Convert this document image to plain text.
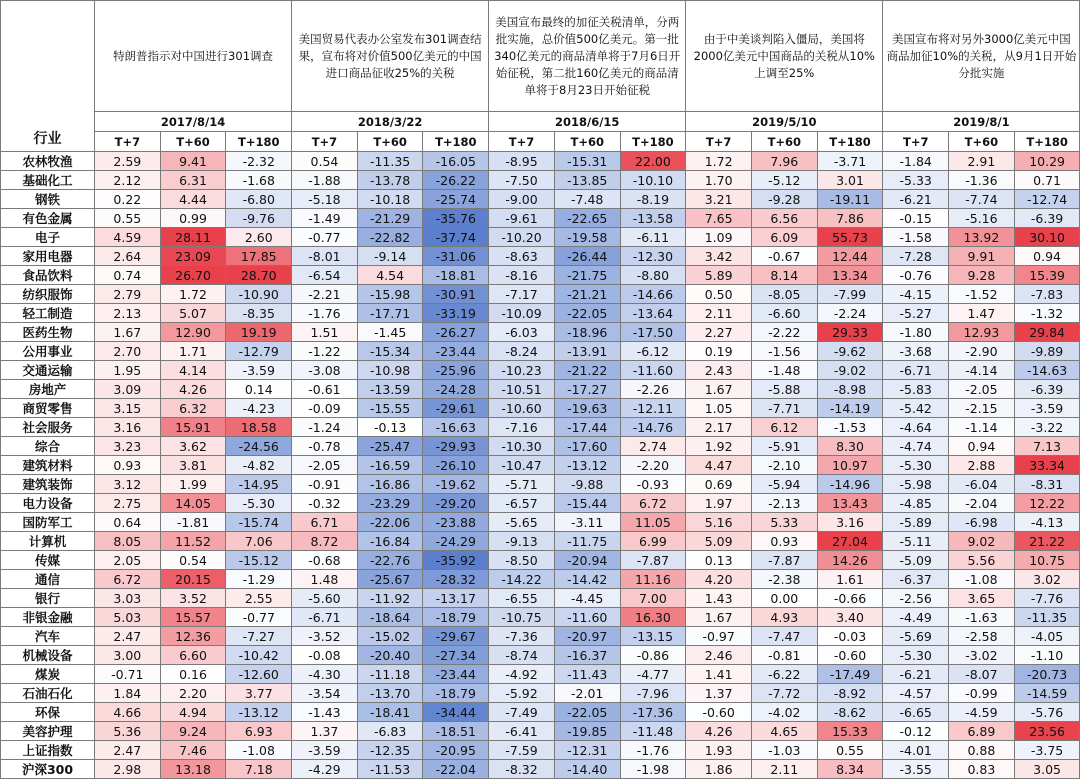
行业	特朗普指示对中国进行301调查			美国贸易代表办公室发布301调查结果，宣布将对价值500亿美元的中国进口商品征收25%的关税			美国宣布最终的加征关税清单，分两批实施，总价值500亿美元。第一批340亿美元的商品清单将于7月6日开始征税，第二批160亿美元的商品清单将于8月23日开始征税			由于中美谈判陷入僵局，美国将2000亿美元中国商品的关税从10%上调至25%			美国宣布将对另外3000亿美元中国商品加征10%的关税，从9月1日开始分批实施		
	2017/8/14			2018/3/22			2018/6/15			2019/5/10			2019/8/1		
	T+7	T+60	T+180	T+7	T+60	T+180	T+7	T+60	T+180	T+7	T+60	T+180	T+7	T+60	T+180
农林牧渔	2.59	9.41	-2.32	0.54	-11.35	-16.05	-8.95	-15.31	22.00	1.72	7.96	-3.71	-1.84	2.91	10.29
基础化工	2.12	6.31	-1.68	-1.88	-13.78	-26.22	-7.50	-13.85	-10.10	1.70	-5.12	3.01	-5.33	-1.36	0.71
钢铁	0.22	4.44	-6.80	-5.18	-10.18	-25.74	-9.00	-7.48	-8.19	3.21	-9.28	-19.11	-6.21	-7.74	-12.74
有色金属	0.55	0.99	-9.76	-1.49	-21.29	-35.76	-9.61	-22.65	-13.58	7.65	6.56	7.86	-0.15	-5.16	-6.39
电子	4.59	28.11	2.60	-0.77	-22.82	-37.74	-10.20	-19.58	-6.11	1.09	6.09	55.73	-1.58	13.92	30.10
家用电器	2.64	23.09	17.85	-8.01	-9.14	-31.06	-8.63	-26.44	-12.30	3.42	-0.67	12.44	-7.28	9.91	0.94
食品饮料	0.74	26.70	28.70	-6.54	4.54	-18.81	-8.16	-21.75	-8.80	5.89	8.14	13.34	-0.76	9.28	15.39
纺织服饰	2.79	1.72	-10.90	-2.21	-15.98	-30.91	-7.17	-21.21	-14.66	0.50	-8.05	-7.99	-4.15	-1.52	-7.83
轻工制造	2.13	5.07	-8.35	-1.76	-17.71	-33.19	-10.09	-22.05	-13.64	2.11	-6.60	-2.24	-5.27	1.47	-1.32
医药生物	1.67	12.90	19.19	1.51	-1.45	-26.27	-6.03	-18.96	-17.50	2.27	-2.22	29.33	-1.80	12.93	29.84
公用事业	2.70	1.71	-12.79	-1.22	-15.34	-23.44	-8.24	-13.91	-6.12	0.19	-1.56	-9.62	-3.68	-2.90	-9.89
交通运输	1.95	4.14	-3.59	-3.08	-10.98	-25.96	-10.23	-21.22	-11.60	2.43	-1.48	-9.02	-6.71	-4.14	-14.63
房地产	3.09	4.26	0.14	-0.61	-13.59	-24.28	-10.51	-17.27	-2.26	1.67	-5.88	-8.98	-5.83	-2.05	-6.39
商贸零售	3.15	6.32	-4.23	-0.09	-15.55	-29.61	-10.60	-19.63	-12.11	1.05	-7.71	-14.19	-5.42	-2.15	-3.59
社会服务	3.16	15.91	18.58	-1.24	-0.13	-16.63	-7.16	-17.44	-14.76	2.17	6.12	-1.53	-4.64	-1.14	-3.22
综合	3.23	3.62	-24.56	-0.78	-25.47	-29.93	-10.30	-17.60	2.74	1.92	-5.91	8.30	-4.74	0.94	7.13
建筑材料	0.93	3.81	-4.82	-2.05	-16.59	-26.10	-10.47	-13.12	-2.20	4.47	-2.10	10.97	-5.30	2.88	33.34
建筑装饰	3.12	1.99	-14.95	-0.91	-16.86	-19.62	-5.71	-9.88	-0.93	0.69	-5.94	-14.96	-5.98	-6.04	-8.31
电力设备	2.75	14.05	-5.30	-0.32	-23.29	-29.20	-6.57	-15.44	6.72	1.97	-2.13	13.43	-4.85	-2.04	12.22
国防军工	0.64	-1.81	-15.74	6.71	-22.06	-23.88	-5.65	-3.11	11.05	5.16	5.33	3.16	-5.89	-6.98	-4.13
计算机	8.05	11.52	7.06	8.72	-16.84	-24.29	-9.13	-11.75	6.99	5.09	0.93	27.04	-5.11	9.02	21.22
传媒	2.05	0.54	-15.12	-0.68	-22.76	-35.92	-8.50	-20.94	-7.87	0.13	-7.87	14.26	-5.09	5.56	10.75
通信	6.72	20.15	-1.29	1.48	-25.67	-28.32	-14.22	-14.42	11.16	4.20	-2.38	1.61	-6.37	-1.08	3.02
银行	3.03	3.52	2.55	-5.60	-11.92	-13.17	-6.55	-4.45	7.00	1.43	0.00	-0.66	-2.56	3.65	-7.76
非银金融	5.03	15.57	-0.77	-6.71	-18.64	-18.79	-10.75	-11.60	16.30	1.67	4.93	3.40	-4.49	-1.63	-11.35
汽车	2.47	12.36	-7.27	-3.52	-15.02	-29.67	-7.36	-20.97	-13.15	-0.97	-7.47	-0.03	-5.69	-2.58	-4.05
机械设备	3.00	6.60	-10.42	-0.08	-20.40	-27.34	-8.74	-16.37	-0.86	2.46	-0.81	-0.60	-5.30	-3.02	-1.10
煤炭	-0.71	0.16	-12.60	-4.30	-11.18	-23.44	-4.92	-11.43	-4.77	1.41	-6.22	-17.49	-6.21	-8.07	-20.73
石油石化	1.84	2.20	3.77	-3.54	-13.70	-18.79	-5.92	-2.01	-7.96	1.37	-7.72	-8.92	-4.57	-0.99	-14.59
环保	4.66	4.94	-13.12	-1.43	-18.41	-34.44	-7.49	-22.05	-17.36	-0.60	-4.02	-8.62	-6.65	-4.59	-5.76
美容护理	5.36	9.24	6.93	1.37	-6.83	-18.51	-6.41	-19.85	-11.48	4.26	4.65	15.33	-0.12	6.89	23.56
上证指数	2.47	7.46	-1.08	-3.59	-12.35	-20.95	-7.59	-12.31	-1.76	1.93	-1.03	0.55	-4.01	0.88	-3.75
沪深300	2.98	13.18	7.18	-4.29	-11.53	-22.04	-8.32	-14.40	-1.98	1.86	2.11	8.34	-3.55	0.83	3.05
